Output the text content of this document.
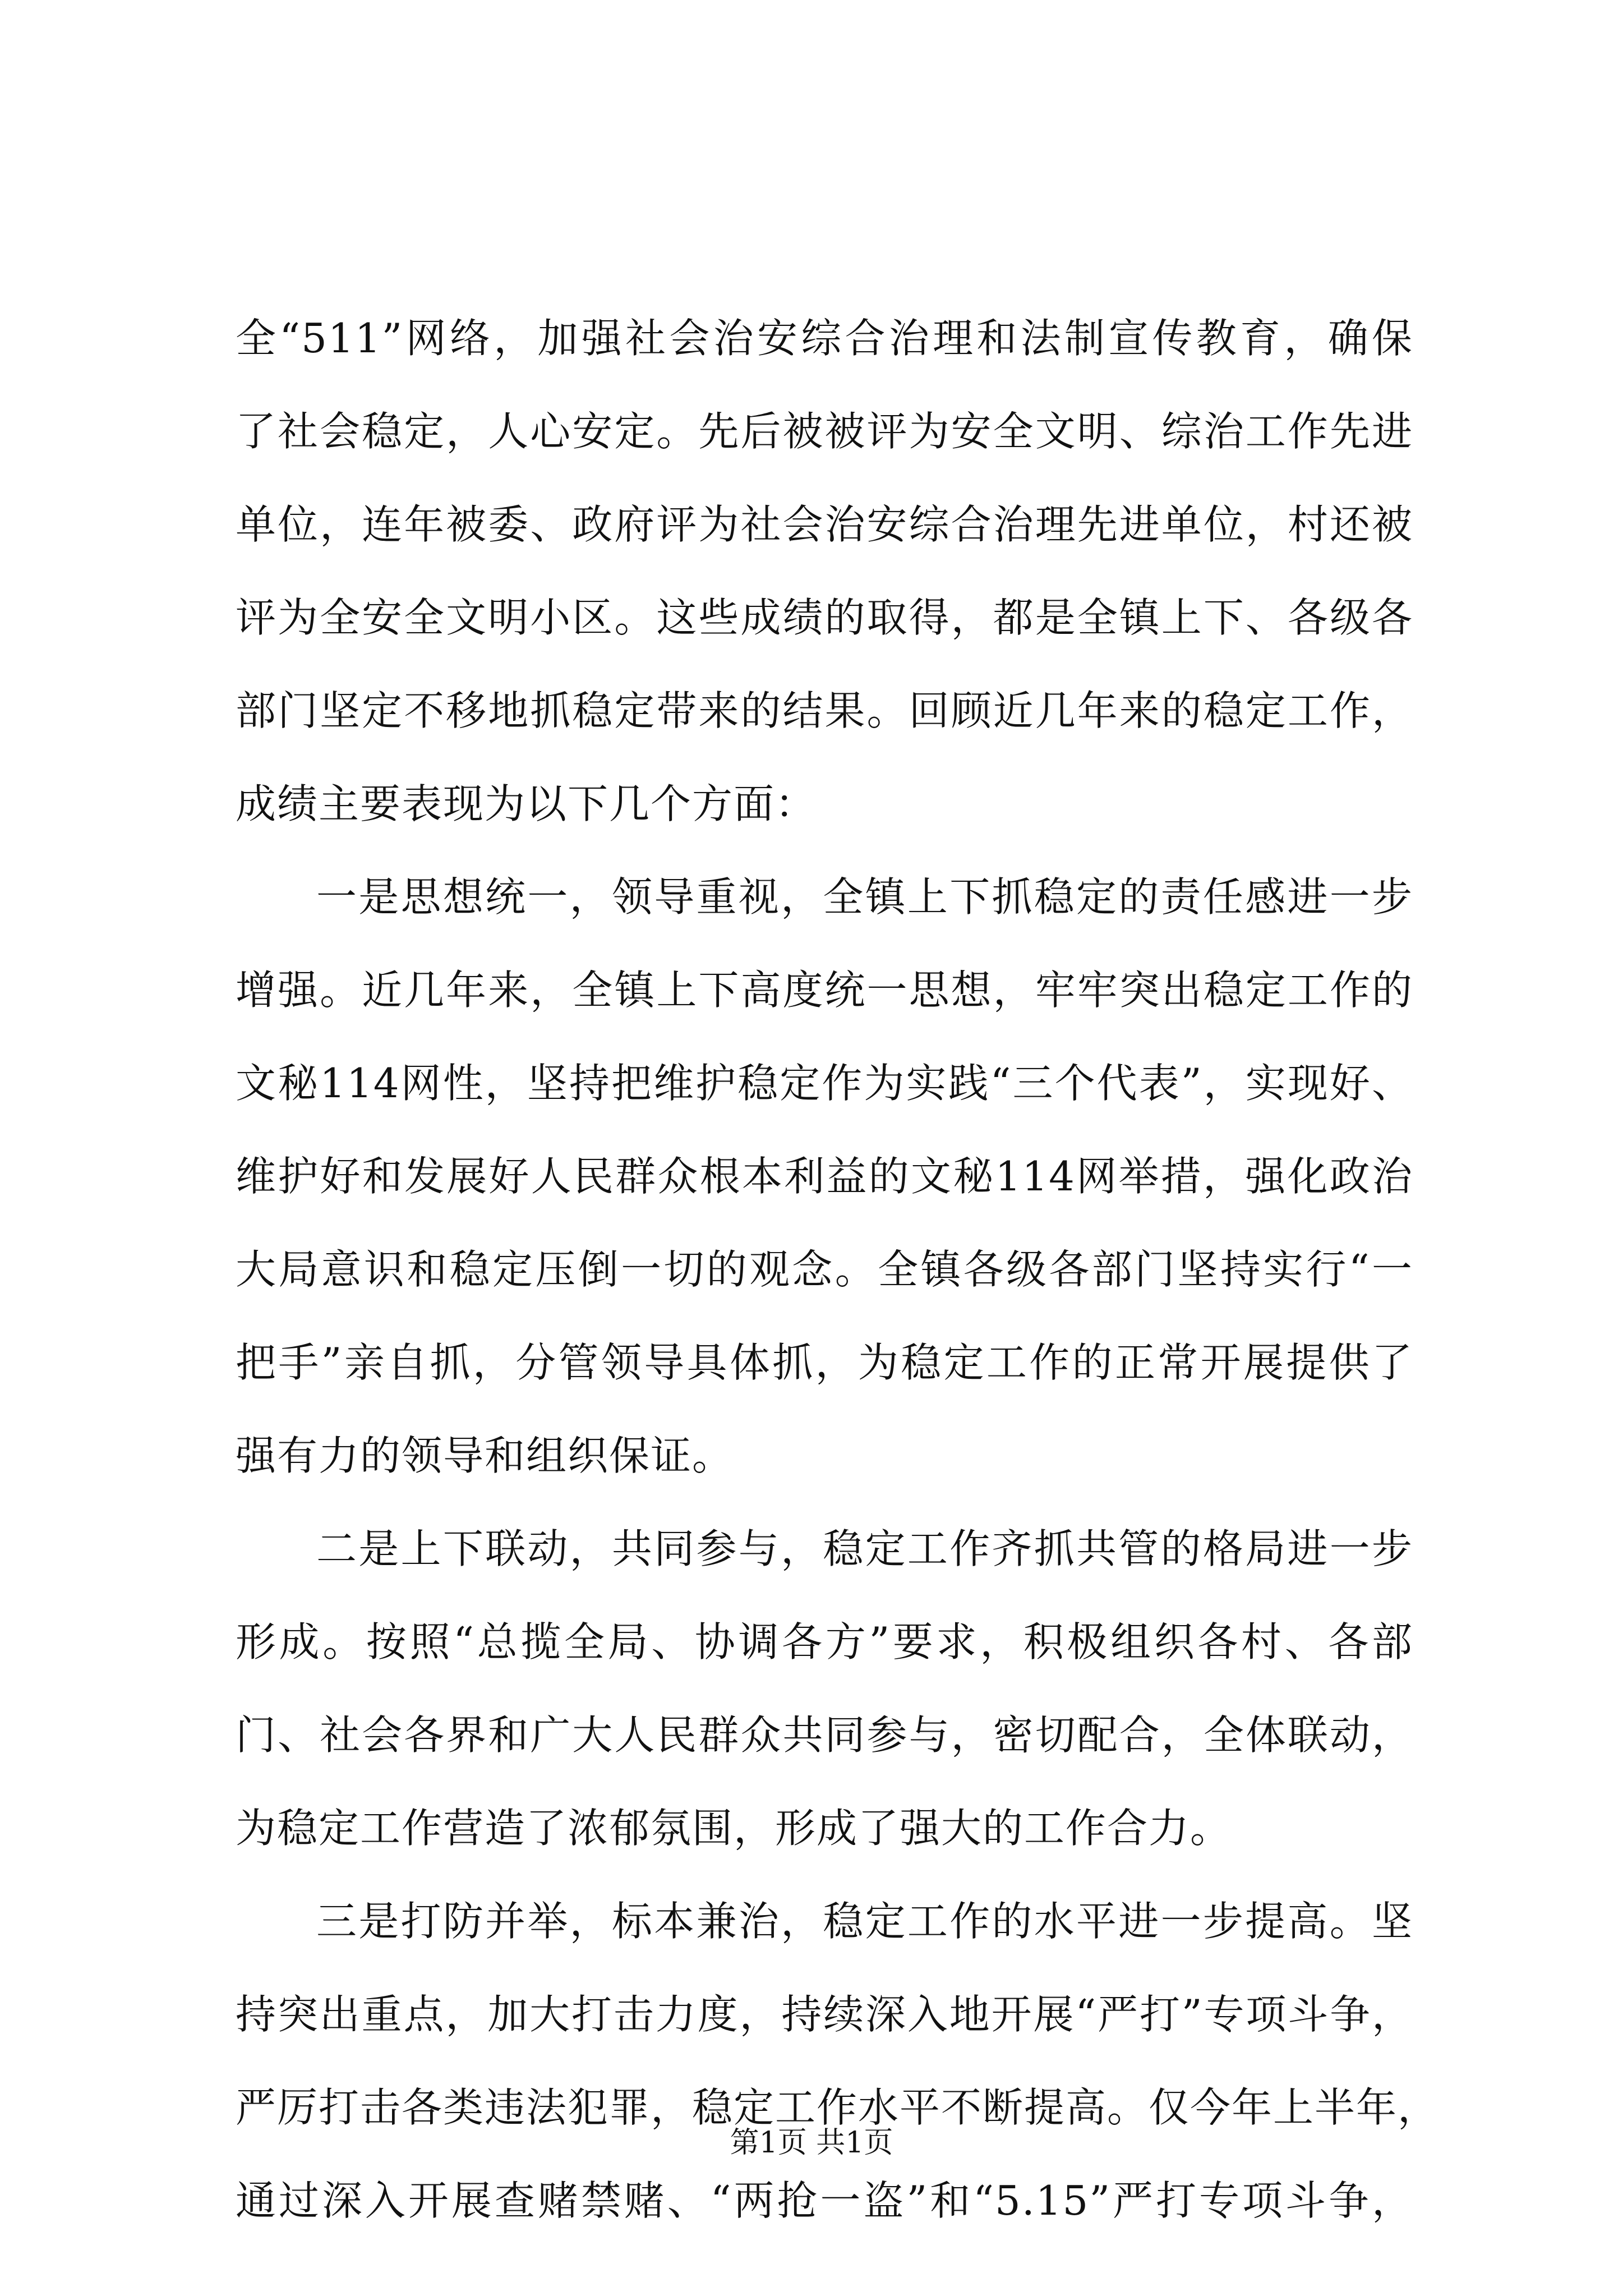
全“511”网络，加强社会治安综合治理和法制宣传教育，确保
了社会稳定，人心安定。先后被被评为安全文明、综治工作先进
单位，连年被委、政府评为社会治安综合治理先进单位，村还被
评为全安全文明小区。这些成绩的取得，都是全镇上下、各级各
部门坚定不移地抓稳定带来的结果。回顾近几年来的稳定工作，
成绩主要表现为以下几个方面：
一是思想统一，领导重视，全镇上下抓稳定的责任感进一步
增强。近几年来，全镇上下高度统一思想，牢牢突出稳定工作的
文秘114网性，坚持把维护稳定作为实践“三个代表”，实现好、
维护好和发展好人民群众根本利益的文秘114网举措，强化政治
大局意识和稳定压倒一切的观念。全镇各级各部门坚持实行“一
把手”亲自抓，分管领导具体抓，为稳定工作的正常开展提供了
强有力的领导和组织保证。
二是上下联动，共同参与，稳定工作齐抓共管的格局进一步
形成。按照“总揽全局、协调各方”要求，积极组织各村、各部
门、社会各界和广大人民群众共同参与，密切配合，全体联动，
为稳定工作营造了浓郁氛围，形成了强大的工作合力。
三是打防并举，标本兼治，稳定工作的水平进一步提高。坚
持突出重点，加大打击力度，持续深入地开展“严打”专项斗争，
严厉打击各类违法犯罪，稳定工作水平不断提高。仅今年上半年，
通过深入开展查赌禁赌、“两抢一盗”和“5.15”严打专项斗争，
第1页 共1页
